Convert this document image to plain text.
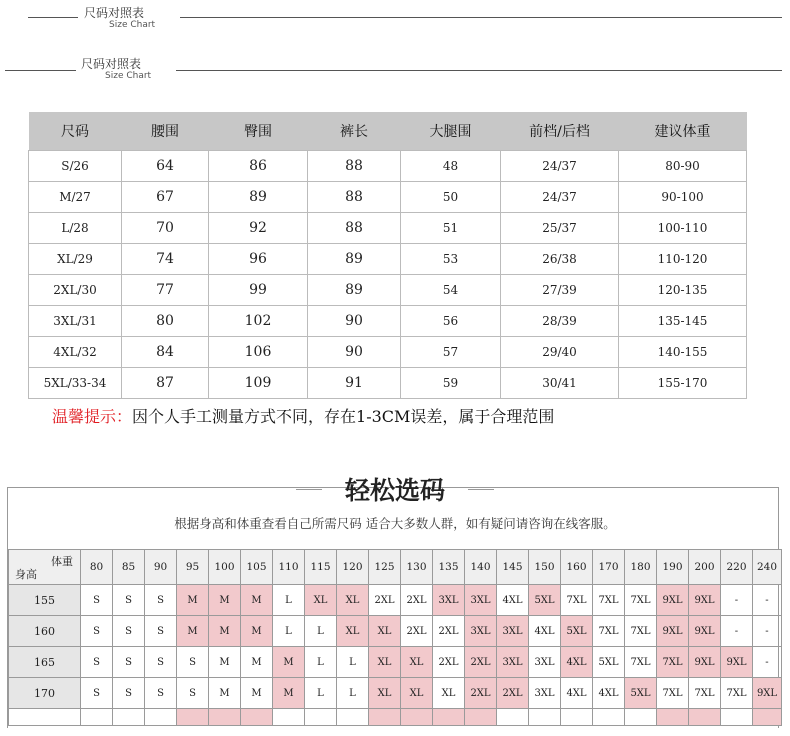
尺码对照表
Size Chart
尺码对照表
Size Chart
尺码	腰围	臀围	裤长	大腿围	前档/后档	建议体重
S/26	64	86	88	48	24/37	80-90
M/27	67	89	88	50	24/37	90-100
L/28	70	92	88	51	25/37	100-110
XL/29	74	96	89	53	26/38	110-120
2XL/30	77	99	89	54	27/39	120-135
3XL/31	80	102	90	56	28/39	135-145
4XL/32	84	106	90	57	29/40	140-155
5XL/33-34	87	109	91	59	30/41	155-170
温馨提示：因个人手工测量方式不同，存在1-3CM误差，属于合理范围
轻松选码
根据身高和体重查看自己所需尺码 适合大多数人群，如有疑问请咨询在线客服。
体重
身高	80	85	90	95	100	105	110	115	120	125	130	135	140	145	150	160	170	180	190	200	220	240
155	S	S	S	M	M	M	L	XL	XL	2XL	2XL	3XL	3XL	4XL	5XL	7XL	7XL	7XL	9XL	9XL	-	-
160	S	S	S	M	M	M	L	L	XL	XL	2XL	2XL	3XL	3XL	4XL	5XL	7XL	7XL	9XL	9XL	-	-
165	S	S	S	S	M	M	M	L	L	XL	XL	2XL	2XL	3XL	3XL	4XL	5XL	7XL	7XL	9XL	9XL	-
170	S	S	S	S	M	M	M	L	L	XL	XL	XL	2XL	2XL	3XL	4XL	4XL	5XL	7XL	7XL	7XL	9XL
